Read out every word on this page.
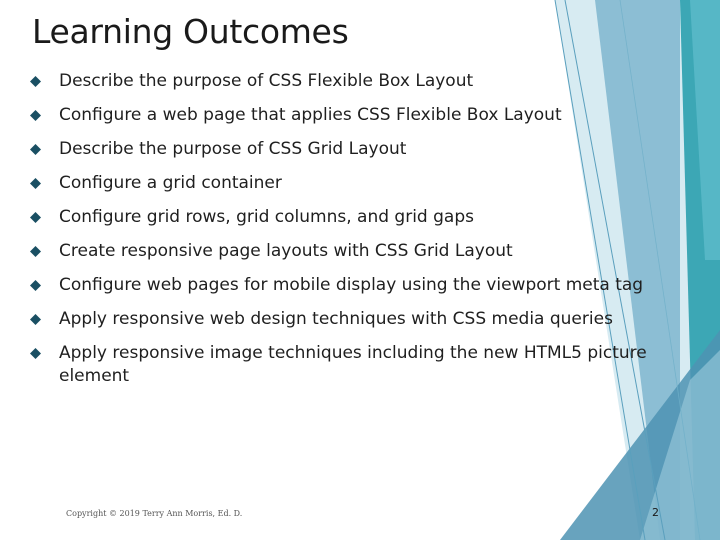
Learning Outcomes
Describe the purpose of CSS Flexible Box Layout
Configure a web page that applies CSS Flexible Box Layout
Describe the purpose of CSS Grid Layout
Configure a grid container
Configure grid rows, grid columns, and grid gaps
Create responsive page layouts with CSS Grid Layout
Configure web pages for mobile display using the viewport meta tag
Apply responsive web design techniques with CSS media queries
Apply responsive image techniques including the new HTML5 picture element
Copyright © 2019 Terry Ann Morris, Ed. D.	2
